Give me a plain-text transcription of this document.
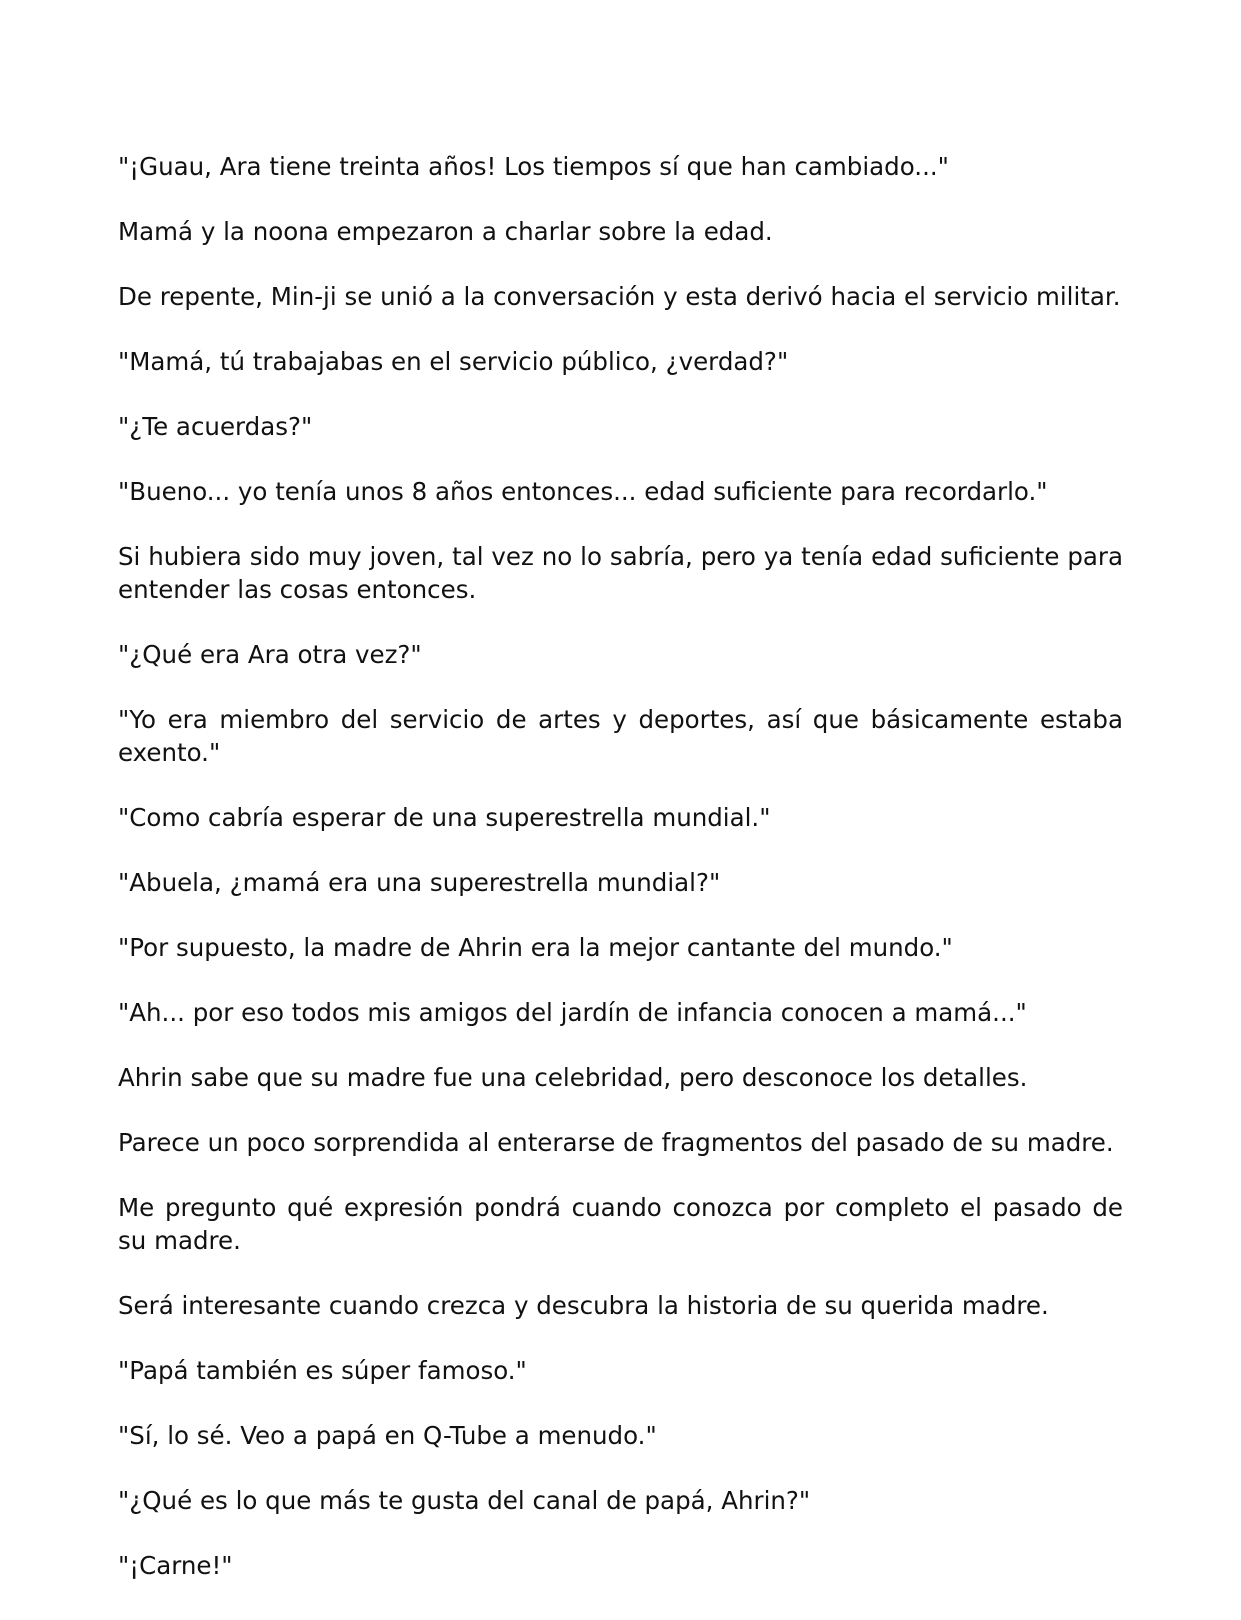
"¡Guau, Ara tiene treinta años! Los tiempos sí que han cambiado..."

Mamá y la noona empezaron a charlar sobre la edad.

De repente, Min-ji se unió a la conversación y esta derivó hacia el servicio militar.

"Mamá, tú trabajabas en el servicio público, ¿verdad?"

"¿Te acuerdas?"

"Bueno... yo tenía unos 8 años entonces... edad suficiente para recordarlo."

Si hubiera sido muy joven, tal vez no lo sabría, pero ya tenía edad suficiente para entender las cosas entonces.

"¿Qué era Ara otra vez?"

"Yo era miembro del servicio de artes y deportes, así que básicamente estaba exento."

"Como cabría esperar de una superestrella mundial."

"Abuela, ¿mamá era una superestrella mundial?"

"Por supuesto, la madre de Ahrin era la mejor cantante del mundo."

"Ah... por eso todos mis amigos del jardín de infancia conocen a mamá..."

Ahrin sabe que su madre fue una celebridad, pero desconoce los detalles.

Parece un poco sorprendida al enterarse de fragmentos del pasado de su madre.

Me pregunto qué expresión pondrá cuando conozca por completo el pasado de su madre.

Será interesante cuando crezca y descubra la historia de su querida madre.

"Papá también es súper famoso."

"Sí, lo sé. Veo a papá en Q-Tube a menudo."

"¿Qué es lo que más te gusta del canal de papá, Ahrin?"

"¡Carne!"
